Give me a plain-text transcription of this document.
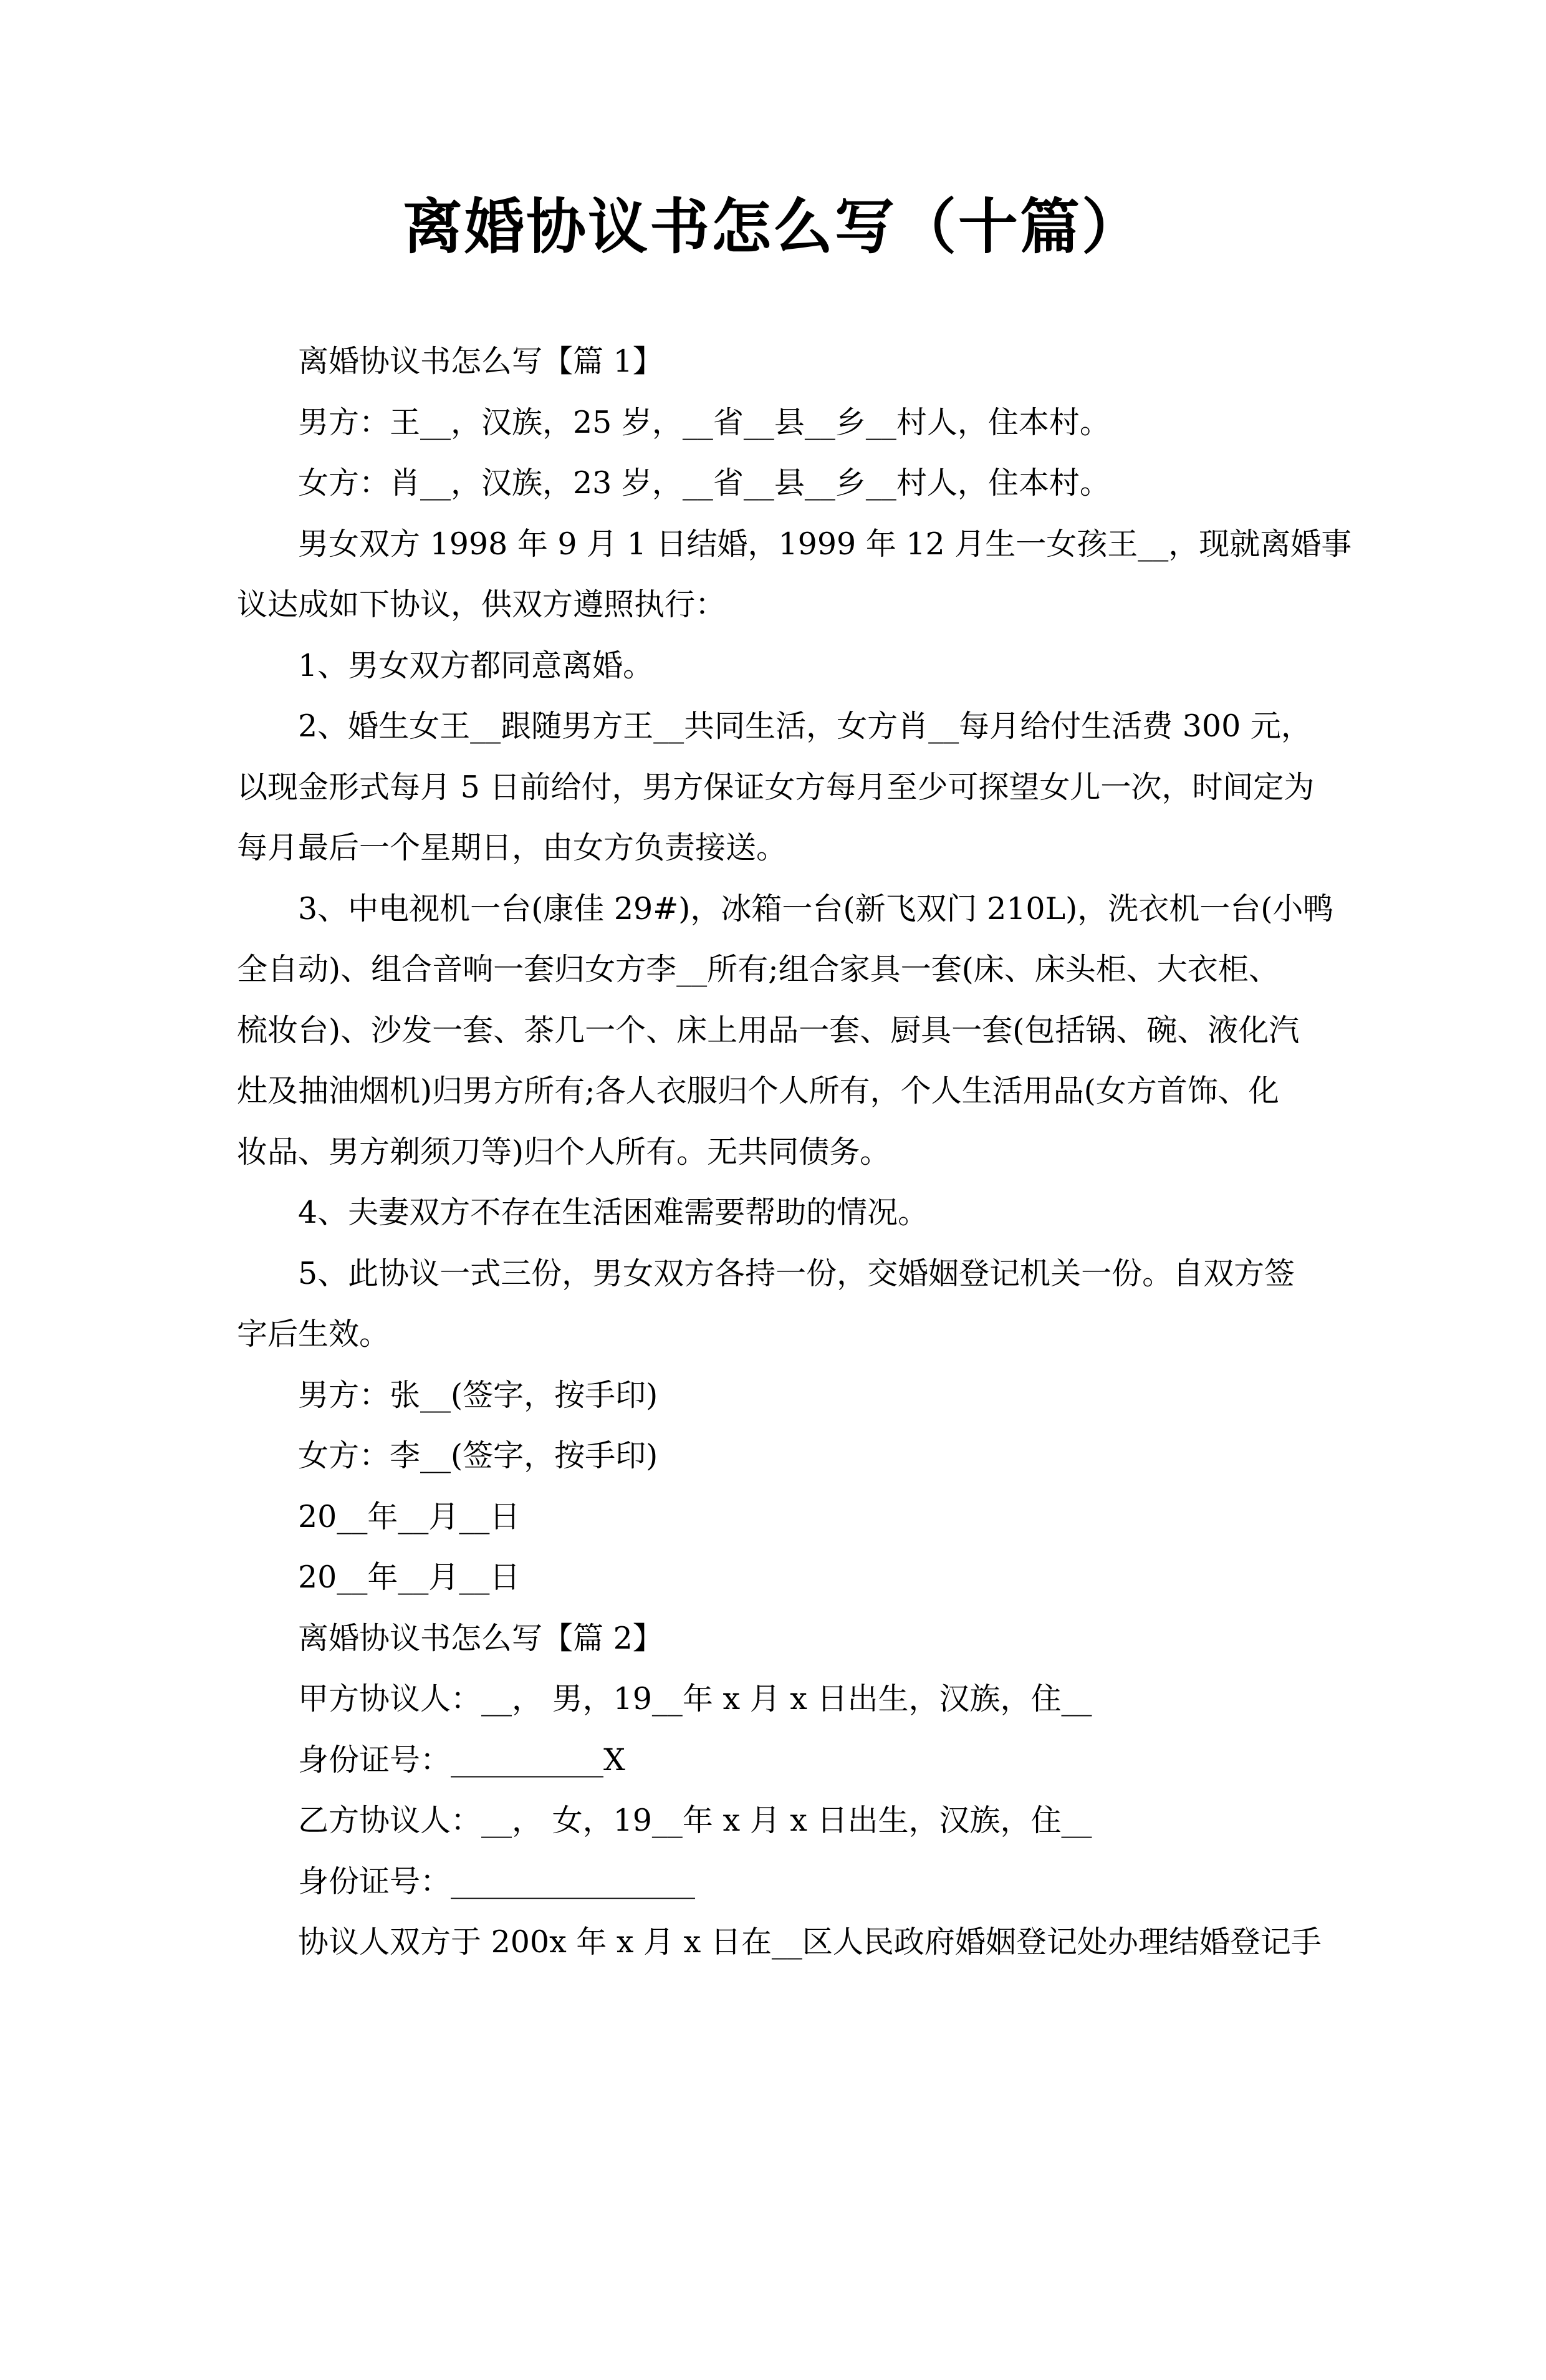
离婚协议书怎么写（十篇）
离婚协议书怎么写【篇 1】
男方：王__，汉族，25 岁，__省__县__乡__村人，住本村。
女方：肖__，汉族，23 岁，__省__县__乡__村人，住本村。
男女双方 1998 年 9 月 1 日结婚，1999 年 12 月生一女孩王__，现就离婚事
议达成如下协议，供双方遵照执行：
1、男女双方都同意离婚。
2、婚生女王__跟随男方王__共同生活，女方肖__每月给付生活费 300 元，
以现金形式每月 5 日前给付，男方保证女方每月至少可探望女儿一次，时间定为
每月最后一个星期日，由女方负责接送。
3、中电视机一台(康佳 29#)，冰箱一台(新飞双门 210L)，洗衣机一台(小鸭
全自动)、组合音响一套归女方李__所有;组合家具一套(床、床头柜、大衣柜、
梳妆台)、沙发一套、茶几一个、床上用品一套、厨具一套(包括锅、碗、液化汽
灶及抽油烟机)归男方所有;各人衣服归个人所有，个人生活用品(女方首饰、化
妆品、男方剃须刀等)归个人所有。无共同债务。
4、夫妻双方不存在生活困难需要帮助的情况。
5、此协议一式三份，男女双方各持一份，交婚姻登记机关一份。自双方签
字后生效。
男方：张__(签字，按手印)
女方：李__(签字，按手印)
20__年__月__日
20__年__月__日
离婚协议书怎么写【篇 2】
甲方协议人：__， 男，19__年 x 月 x 日出生，汉族，住__
身份证号：__________X
乙方协议人：__， 女，19__年 x 月 x 日出生，汉族，住__
身份证号：________________
协议人双方于 200x 年 x 月 x 日在__区人民政府婚姻登记处办理结婚登记手
